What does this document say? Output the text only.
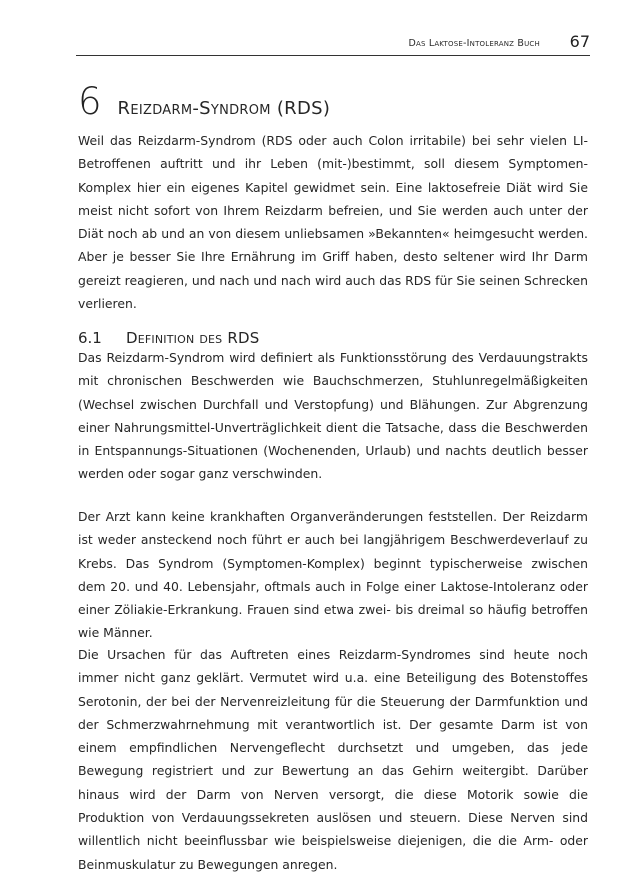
Das Laktose-Intoleranz Buch 67
6 Reizdarm-Syndrom (RDS)

Weil das Reizdarm-Syndrom (RDS oder auch Colon irritabile) bei sehr vielen LI-Betroffenen auftritt und ihr Leben (mit-)bestimmt, soll diesem Symptomen-Komplex hier ein eigenes Kapitel gewidmet sein. Eine laktosefreie Diät wird Sie meist nicht sofort von Ihrem Reizdarm befreien, und Sie werden auch unter der Diät noch ab und an von diesem unliebsamen »Bekannten« heimgesucht werden. Aber je besser Sie Ihre Ernährung im Griff haben, desto seltener wird Ihr Darm gereizt reagieren, und nach und nach wird auch das RDS für Sie seinen Schrecken verlieren.

6.1 Definition des RDS

Das Reizdarm-Syndrom wird definiert als Funktionsstörung des Verdauungstrakts mit chronischen Beschwerden wie Bauchschmerzen, Stuhlunregelmäßigkeiten (Wechsel zwischen Durchfall und Verstopfung) und Blähungen. Zur Abgrenzung einer Nahrungsmittel-Unverträglichkeit dient die Tatsache, dass die Beschwerden in Entspannungs-Situationen (Wochenenden, Urlaub) und nachts deutlich besser werden oder sogar ganz verschwinden.

Der Arzt kann keine krankhaften Organveränderungen feststellen. Der Reizdarm ist weder ansteckend noch führt er auch bei langjährigem Beschwerdeverlauf zu Krebs. Das Syndrom (Symptomen-Komplex) beginnt typischerweise zwischen dem 20. und 40. Lebensjahr, oftmals auch in Folge einer Laktose-Intoleranz oder einer Zöliakie-Erkrankung. Frauen sind etwa zwei- bis dreimal so häufig betroffen wie Männer.

Die Ursachen für das Auftreten eines Reizdarm-Syndromes sind heute noch immer nicht ganz geklärt. Vermutet wird u.a. eine Beteiligung des Botenstoffes Serotonin, der bei der Nervenreizleitung für die Steuerung der Darmfunktion und der Schmerzwahrnehmung mit verantwortlich ist. Der gesamte Darm ist von einem empfindlichen Nervengeflecht durchsetzt und umgeben, das jede Bewegung registriert und zur Bewertung an das Gehirn weitergibt. Darüber hinaus wird der Darm von Nerven versorgt, die diese Motorik sowie die Produktion von Verdauungssekreten auslösen und steuern. Diese Nerven sind willentlich nicht beeinflussbar wie beispielsweise diejenigen, die die Arm- oder Beinmuskulatur zu Bewegungen anregen.
